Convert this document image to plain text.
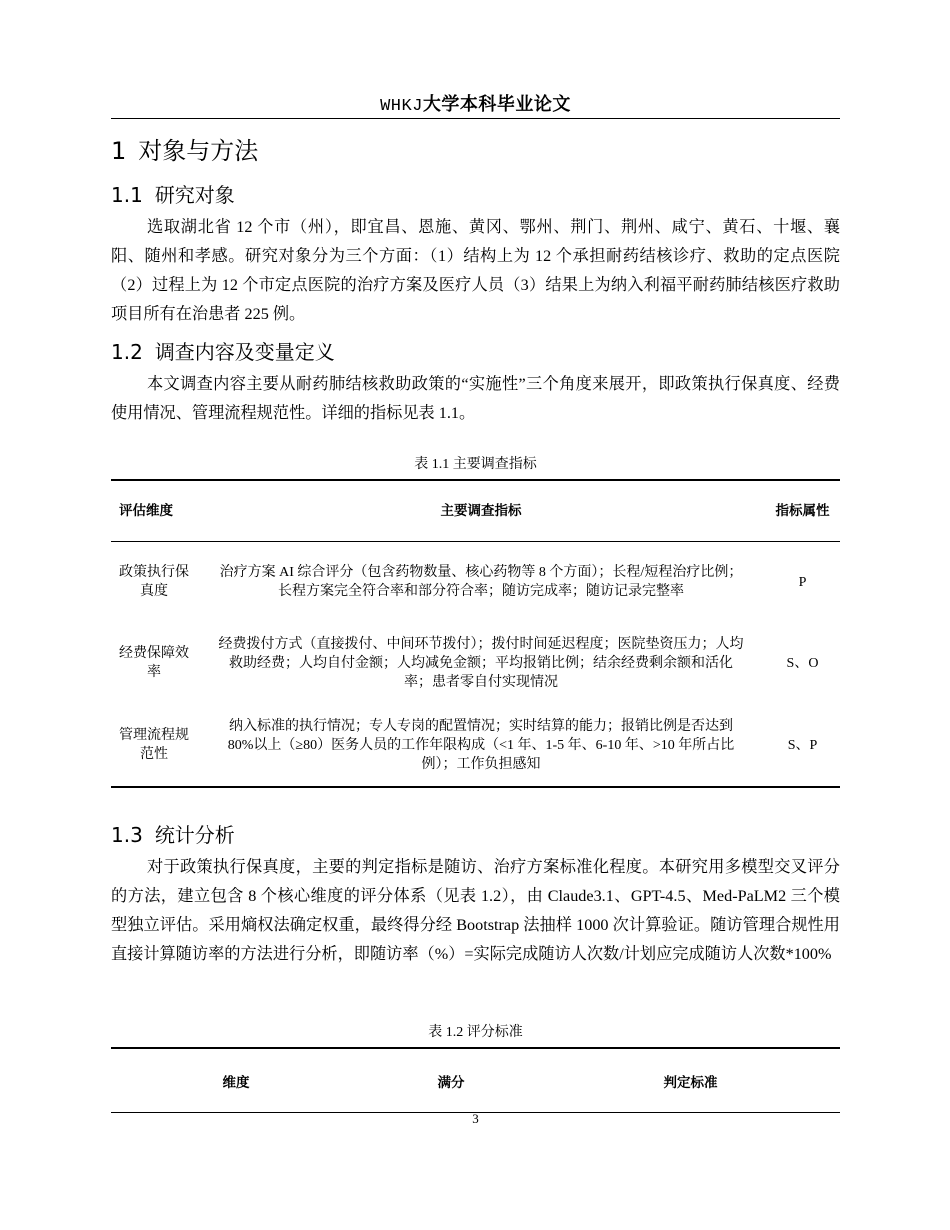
WHKJ大学本科毕业论文
1 对象与方法
1.1 研究对象

选取湖北省 12 个市（州），即宜昌、恩施、黄冈、鄂州、荆门、荆州、咸宁、黄石、十堰、襄阳、随州和孝感。研究对象分为三个方面：（1）结构上为 12 个承担耐药结核诊疗、救助的定点医院（2）过程上为 12 个市定点医院的治疗方案及医疗人员（3）结果上为纳入利福平耐药肺结核医疗救助项目所有在治患者 225 例。

1.2 调查内容及变量定义

本文调查内容主要从耐药肺结核救助政策的“实施性”三个角度来展开，即政策执行保真度、经费使用情况、管理流程规范性。详细的指标见表 1.1。

表 1.1 主要调查指标
评估维度	主要调查指标	指标属性

政策执行保真度	治疗方案 AI 综合评分（包含药物数量、核心药物等 8 个方面）；长程/短程治疗比例；长程方案完全符合率和部分符合率；随访完成率；随访记录完整率	P

经费保障效率	经费拨付方式（直接拨付、中间环节拨付）；拨付时间延迟程度；医院垫资压力；人均救助经费；人均自付金额；人均减免金额；平均报销比例；结余经费剩余额和活化率；患者零自付实现情况	S、O

管理流程规范性	纳入标准的执行情况；专人专岗的配置情况；实时结算的能力；报销比例是否达到 80%以上（≥80）医务人员的工作年限构成（<1 年、1-5 年、6-10 年、>10 年所占比例）；工作负担感知	S、P
1.3 统计分析

对于政策执行保真度，主要的判定指标是随访、治疗方案标准化程度。本研究用多模型交叉评分的方法，建立包含 8 个核心维度的评分体系（见表 1.2），由 Claude3.1、GPT-4.5、Med-PaLM2 三个模型独立评估。采用熵权法确定权重，最终得分经 Bootstrap 法抽样 1000 次计算验证。随访管理合规性用直接计算随访率的方法进行分析，即随访率（%）=实际完成随访人次数/计划应完成随访人次数*100%

表 1.2 评分标准
维度	满分	判定标准
3
